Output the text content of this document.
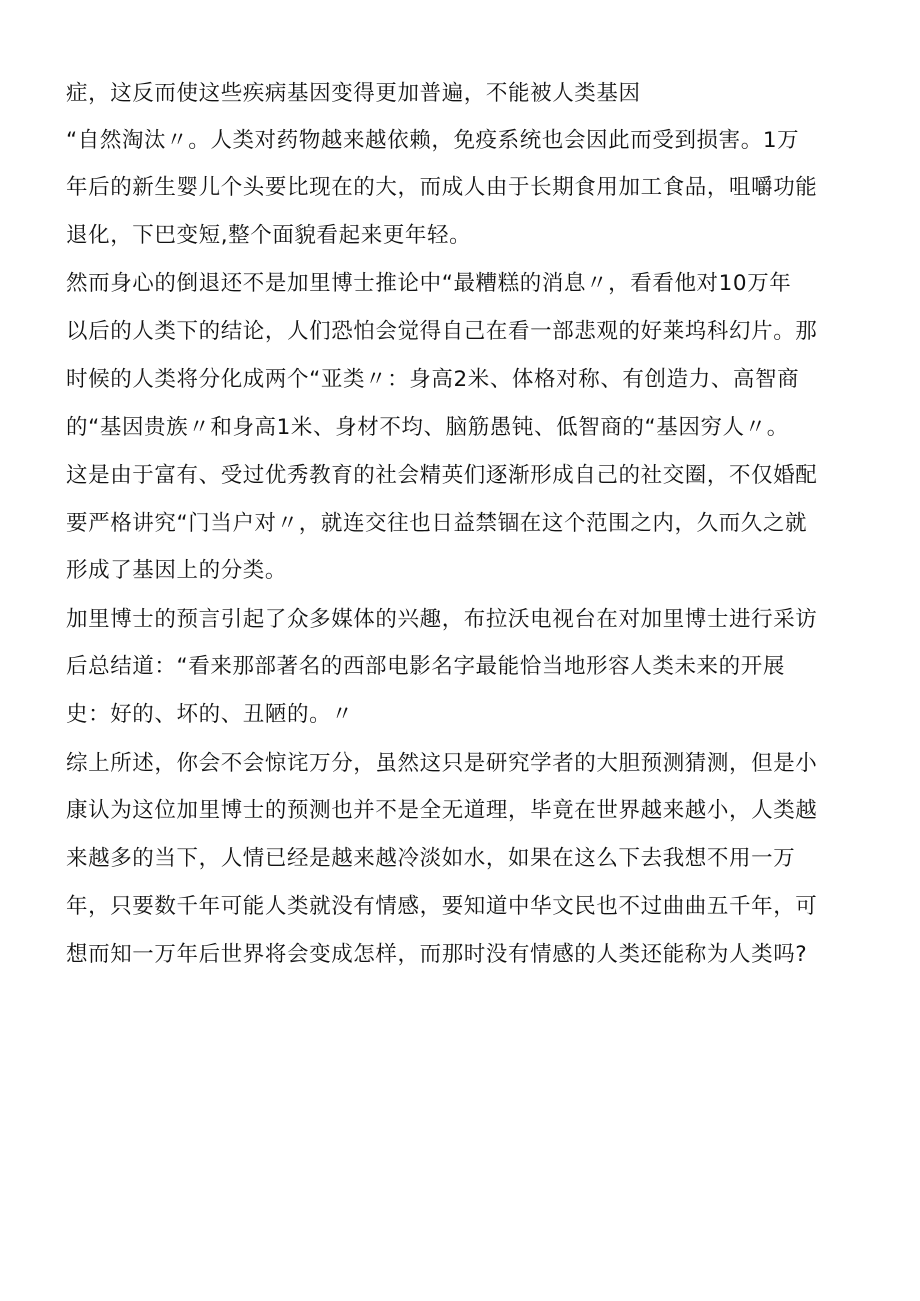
症，这反而使这些疾病基因变得更加普遍，不能被人类基因
“自然淘汰〃。人类对药物越来越依赖，免疫系统也会因此而受到损害。1万
年后的新生婴儿个头要比现在的大，而成人由于长期食用加工食品，咀嚼功能
退化，下巴变短,整个面貌看起来更年轻。
然而身心的倒退还不是加里博士推论中“最糟糕的消息〃，看看他对10万年
以后的人类下的结论，人们恐怕会觉得自己在看一部悲观的好莱坞科幻片。那
时候的人类将分化成两个“亚类〃：身高2米、体格对称、有创造力、高智商
的“基因贵族〃和身高1米、身材不均、脑筋愚钝、低智商的“基因穷人〃。
这是由于富有、受过优秀教育的社会精英们逐渐形成自己的社交圈，不仅婚配
要严格讲究“门当户对〃，就连交往也日益禁锢在这个范围之内，久而久之就
形成了基因上的分类。
加里博士的预言引起了众多媒体的兴趣，布拉沃电视台在对加里博士进行采访
后总结道：“看来那部著名的西部电影名字最能恰当地形容人类未来的开展
史：好的、坏的、丑陋的。〃
综上所述，你会不会惊诧万分，虽然这只是研究学者的大胆预测猜测，但是小
康认为这位加里博士的预测也并不是全无道理，毕竟在世界越来越小，人类越
来越多的当下，人情已经是越来越冷淡如水，如果在这么下去我想不用一万
年，只要数千年可能人类就没有情感，要知道中华文民也不过曲曲五千年，可
想而知一万年后世界将会变成怎样，而那时没有情感的人类还能称为人类吗?
